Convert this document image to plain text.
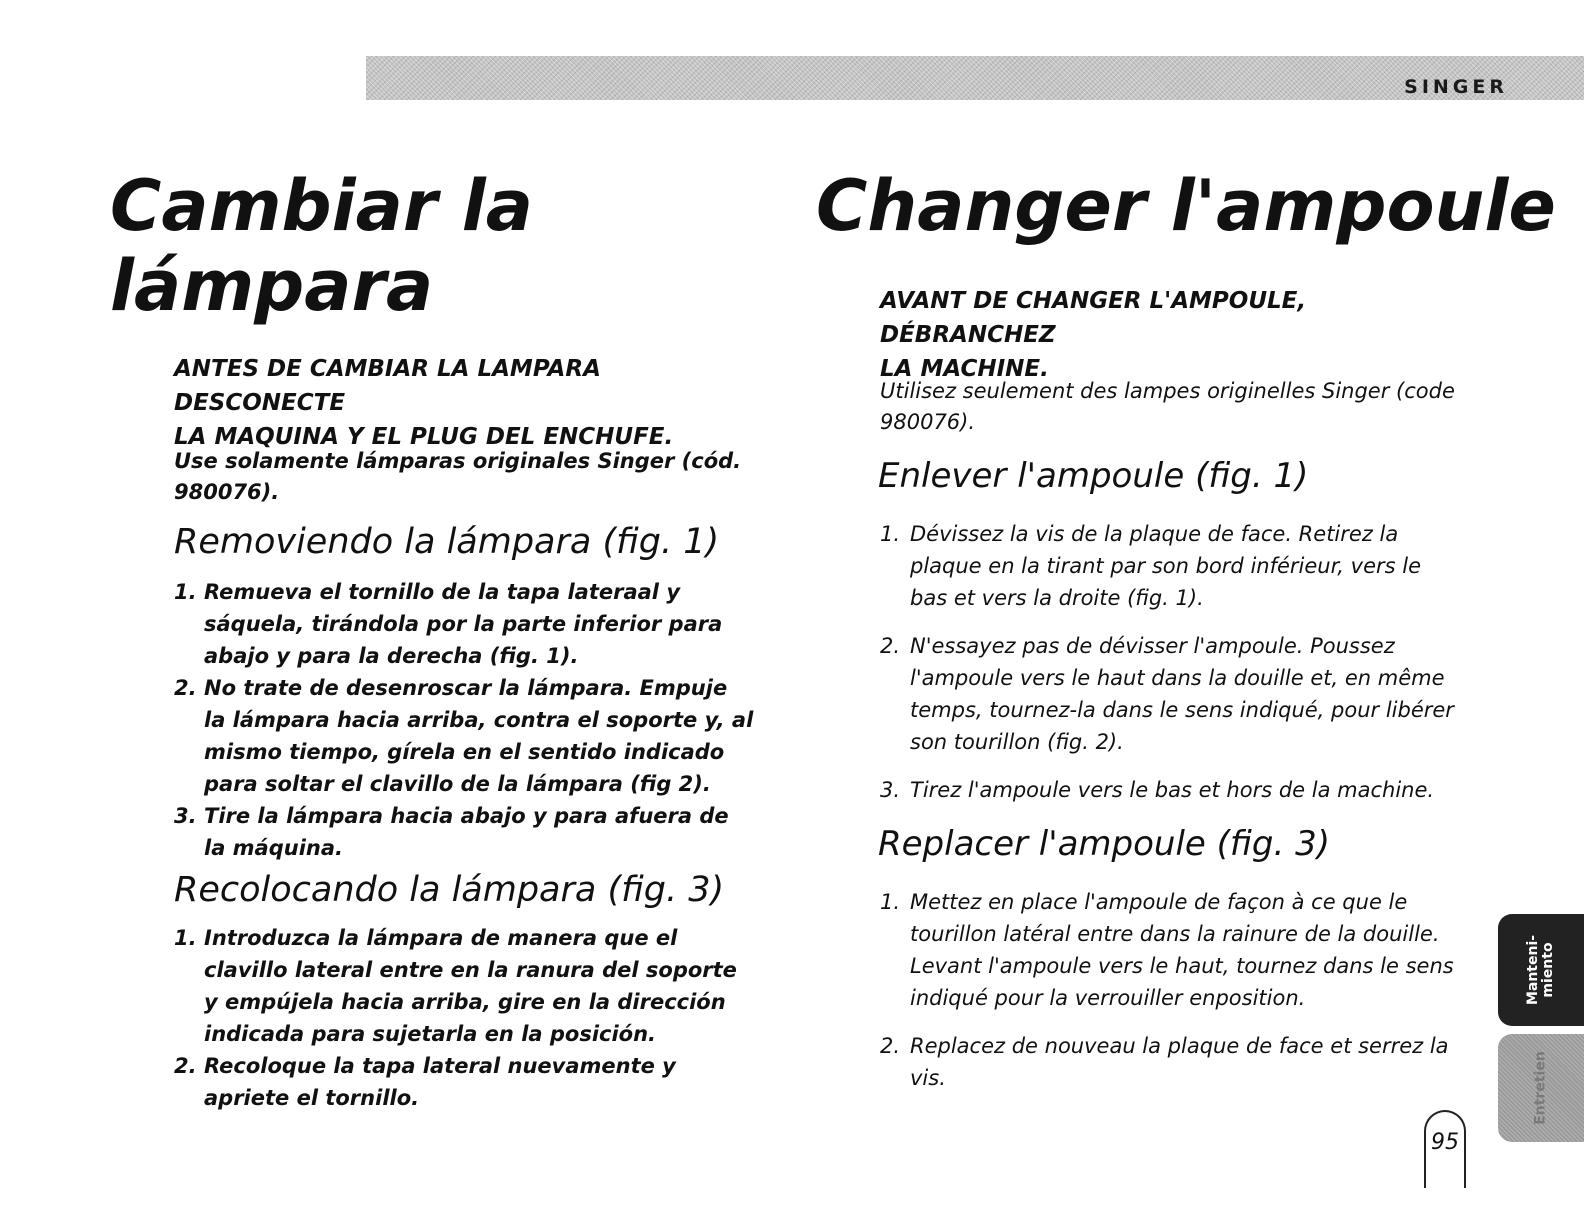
SINGER
Cambiar la
lámpara

ANTES DE CAMBIAR LA LAMPARA DESCONECTE
LA MAQUINA Y EL PLUG DEL ENCHUFE.

Use solamente lámparas originales Singer (cód. 980076).

Removiendo la lámpara (fig. 1)
1. Remueva el tornillo de la tapa lateraal y sáquela, tirándola por la parte inferior para abajo y para la derecha (fig. 1).
2. No trate de desenroscar la lámpara. Empuje la lámpara hacia arriba, contra el soporte y, al mismo tiempo, gírela en el sentido indicado para soltar el clavillo de la lámpara (fig 2).
3. Tire la lámpara hacia abajo y para afuera de la máquina.
Recolocando la lámpara (fig. 3)
1. Introduzca la lámpara de manera que el clavillo lateral entre en la ranura del soporte y empújela hacia arriba, gire en la dirección indicada para sujetarla en la posición.
2. Recoloque la tapa lateral nuevamente y apriete el tornillo.
Changer l'ampoule

AVANT DE CHANGER L'AMPOULE, DÉBRANCHEZ
LA MACHINE.

Utilisez seulement des lampes originelles Singer (code 980076).

Enlever l'ampoule (fig. 1)
1. Dévissez la vis de la plaque de face. Retirez la plaque en la tirant par son bord inférieur, vers le bas et vers la droite (fig. 1).
2. N'essayez pas de dévisser l'ampoule. Poussez l'ampoule vers le haut dans la douille et, en même temps, tournez-la dans le sens indiqué, pour libérer son tourillon (fig. 2).
3. Tirez l'ampoule vers le bas et hors de la machine.
Replacer l'ampoule (fig. 3)
1. Mettez en place l'ampoule de façon à ce que le tourillon latéral entre dans la rainure de la douille. Levant l'ampoule vers le haut, tournez dans le sens indiqué pour la verrouiller enposition.
2. Replacez de nouveau la plaque de face et serrez la vis.
Manteni-
miento
Entretien
95
